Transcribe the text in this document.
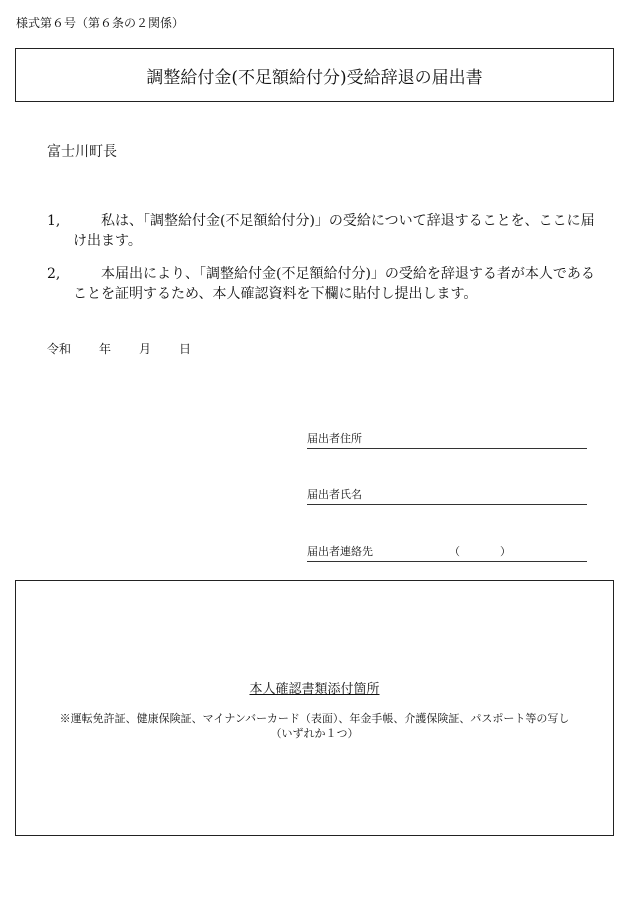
様式第６号（第６条の２関係）
調整給付金(不足額給付分)受給辞退の届出書
富士川町長
1,	私は、「調整給付金(不足額給付分)」の受給について辞退することを、ここに届け出ます。
2,	本届出により、「調整給付金(不足額給付分)」の受給を辞退する者が本人であることを証明するため、本人確認資料を下欄に貼付し提出します。
令和 年 月 日
届出者住所
届出者氏名
届出者連絡先	（	）
本人確認書類添付箇所
※運転免許証、健康保険証、マイナンバーカード（表面）、年金手帳、介護保険証、パスポート等の写し
（いずれか１つ）
